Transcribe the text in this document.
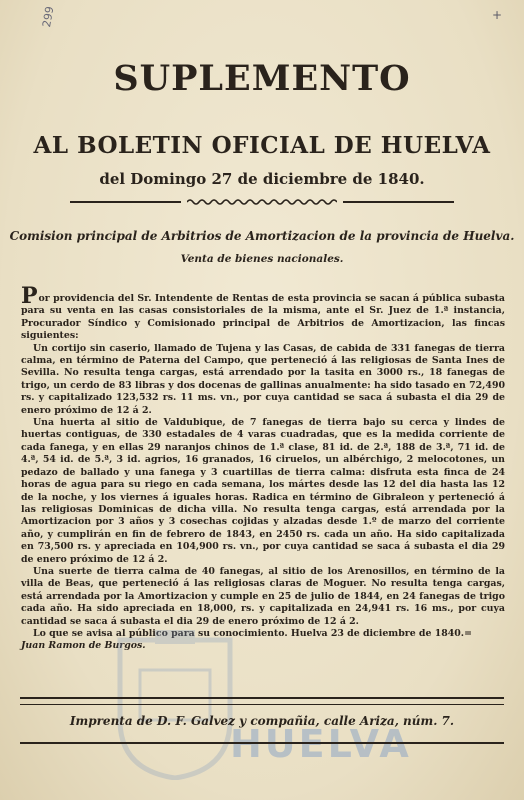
299	+
SUPLEMENTO
AL BOLETIN OFICIAL DE HUELVA
del Domingo 27 de diciembre de 1840.
Comision principal de Arbitrios de Amortizacion de la provincia de Huelva.
Venta de bienes nacionales.

Por providencia del Sr. Intendente de Rentas de esta provincia se sacan á pública subasta para su venta en las casas consistoriales de la misma, ante el Sr. Juez de 1.ª instancia, Procurador Síndico y Comisionado principal de Arbitrios de Amortizacion, las fincas siguientes:

Un cortijo sin caserio, llamado de Tujena y las Casas, de cabida de 331 fanegas de tierra calma, en término de Paterna del Campo, que perteneció á las religiosas de Santa Ines de Sevilla. No resulta tenga cargas, está arrendado por la tasita en 3000 rs., 18 fanegas de trigo, un cerdo de 83 libras y dos docenas de gallinas anualmente: ha sido tasado en 72,490 rs. y capitalizado 123,532 rs. 11 ms. vn., por cuya cantidad se saca á subasta el dia 29 de enero próximo de 12 á 2.

Una huerta al sitio de Valdubique, de 7 fanegas de tierra bajo su cerca y lindes de huertas contiguas, de 330 estadales de 4 varas cuadradas, que es la medida corriente de cada fanega, y en ellas 29 naranjos chinos de 1.ª clase, 81 id. de 2.ª, 188 de 3.ª, 71 id. de 4.ª, 54 id. de 5.ª, 3 id. agrios, 16 granados, 16 ciruelos, un albérchigo, 2 melocotones, un pedazo de ballado y una fanega y 3 cuartillas de tierra calma: disfruta esta finca de 24 horas de agua para su riego en cada semana, los mártes desde las 12 del dia hasta las 12 de la noche, y los viernes á iguales horas. Radica en término de Gibraleon y perteneció á las religiosas Dominicas de dicha villa. No resulta tenga cargas, está arrendada por la Amortizacion por 3 años y 3 cosechas cojidas y alzadas desde 1.º de marzo del corriente año, y cumplirán en fin de febrero de 1843, en 2450 rs. cada un año. Ha sido capitalizada en 73,500 rs. y apreciada en 104,900 rs. vn., por cuya cantidad se saca á subasta el dia 29 de enero próximo de 12 á 2.

Una suerte de tierra calma de 40 fanegas, al sitio de los Arenosillos, en término de la villa de Beas, que perteneció á las religiosas claras de Moguer. No resulta tenga cargas, está arrendada por la Amortizacion y cumple en 25 de julio de 1844, en 24 fanegas de trigo cada año. Ha sido apreciada en 18,000, rs. y capitalizada en 24,941 rs. 16 ms., por cuya cantidad se saca á subasta el dia 29 de enero próximo de 12 á 2.

Lo que se avisa al público para su conocimiento. Huelva 23 de diciembre de 1840.=

Juan Ramon de Burgos.

HUELVA
Imprenta de D. F. Galvez y compañia, calle Ariza, núm. 7.
